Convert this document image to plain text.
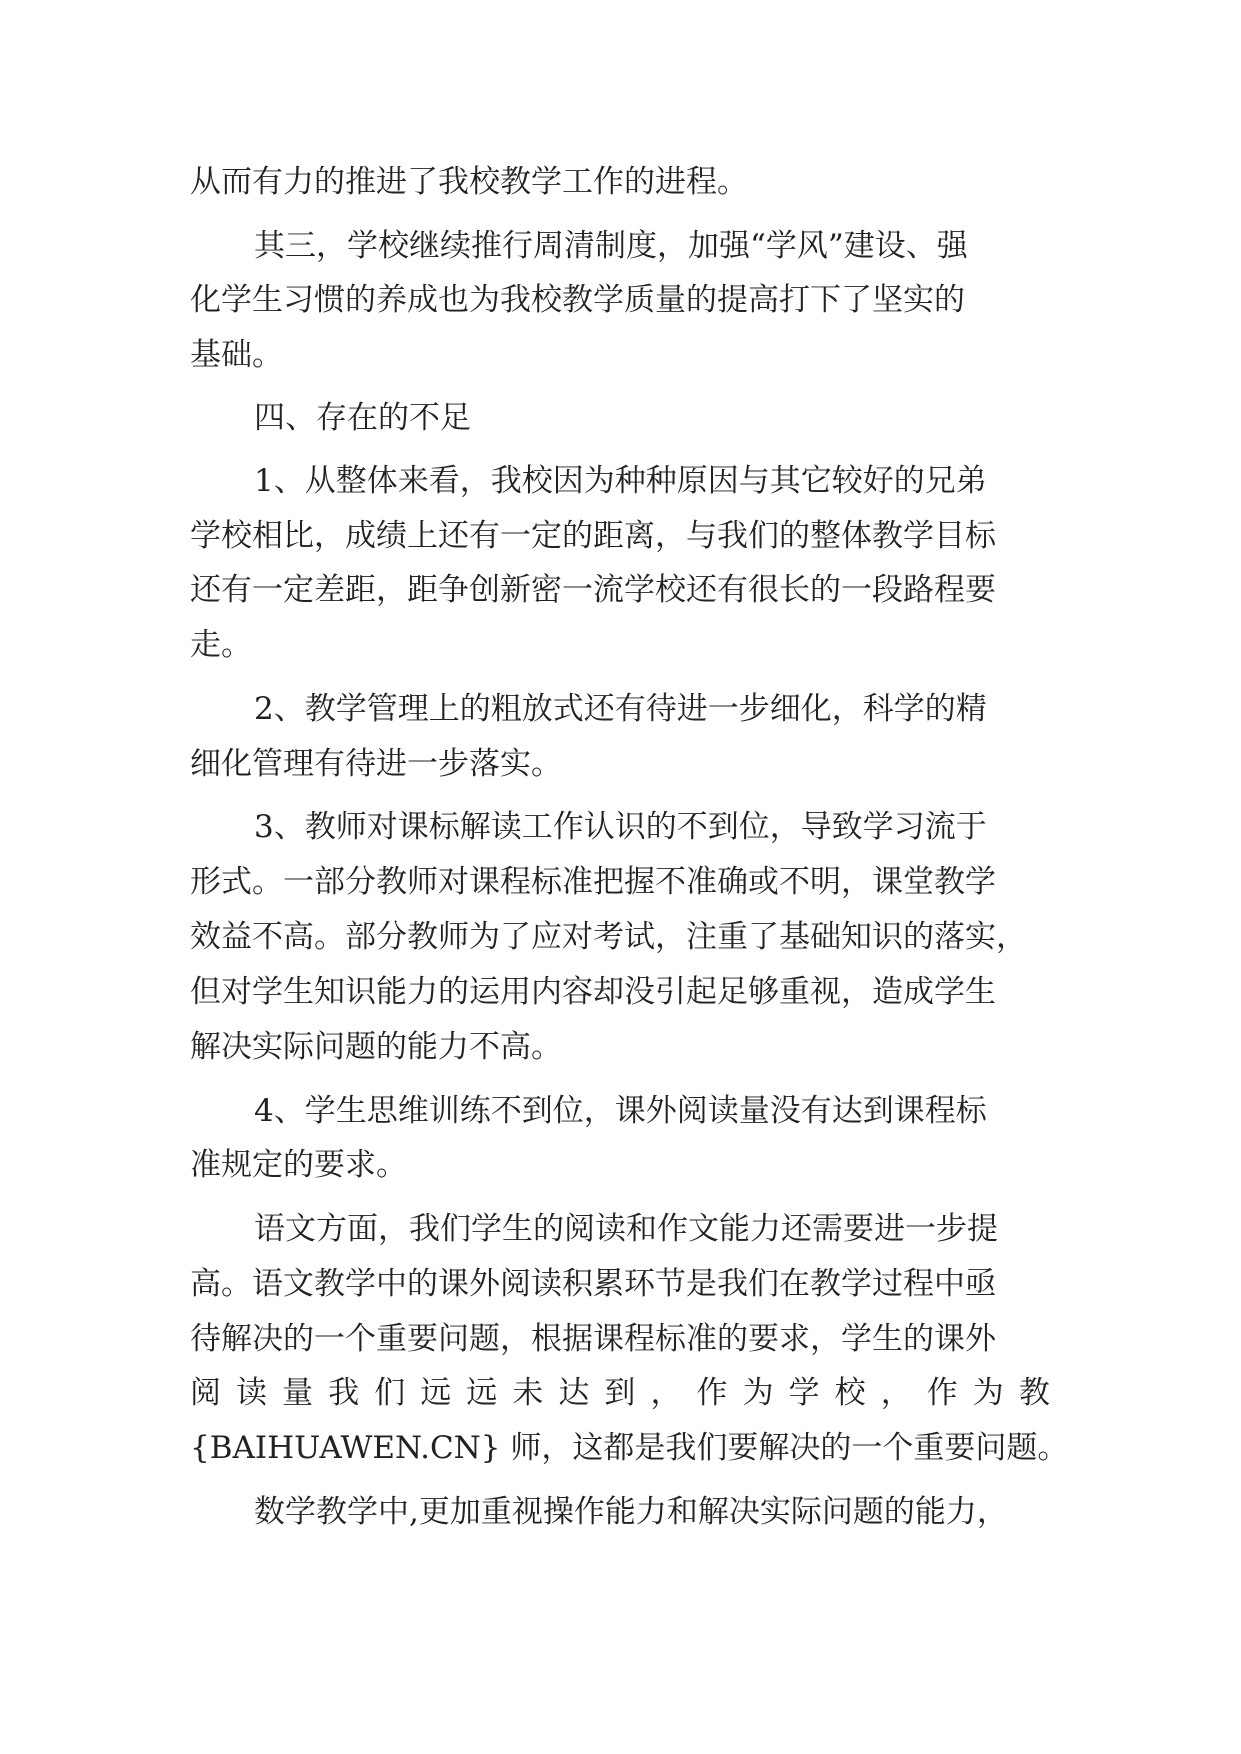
从而有力的推进了我校教学工作的进程。
其三，学校继续推行周清制度，加强“学风”建设、强
化学生习惯的养成也为我校教学质量的提高打下了坚实的
基础。
四、存在的不足
1、从整体来看，我校因为种种原因与其它较好的兄弟
学校相比，成绩上还有一定的距离，与我们的整体教学目标
还有一定差距，距争创新密一流学校还有很长的一段路程要
走。
2、教学管理上的粗放式还有待进一步细化，科学的精
细化管理有待进一步落实。
3、教师对课标解读工作认识的不到位，导致学习流于
形式。一部分教师对课程标准把握不准确或不明，课堂教学
效益不高。部分教师为了应对考试，注重了基础知识的落实，
但对学生知识能力的运用内容却没引起足够重视，造成学生
解决实际问题的能力不高。
4、学生思维训练不到位，课外阅读量没有达到课程标
准规定的要求。
语文方面，我们学生的阅读和作文能力还需要进一步提
高。语文教学中的课外阅读积累环节是我们在教学过程中亟
待解决的一个重要问题，根据课程标准的要求，学生的课外
阅 读 量 我 们 远 远 未 达 到 ， 作 为 学 校 ， 作 为 教
{BAIHUAWEN.CN} 师，这都是我们要解决的一个重要问题。
数学教学中,更加重视操作能力和解决实际问题的能力，
